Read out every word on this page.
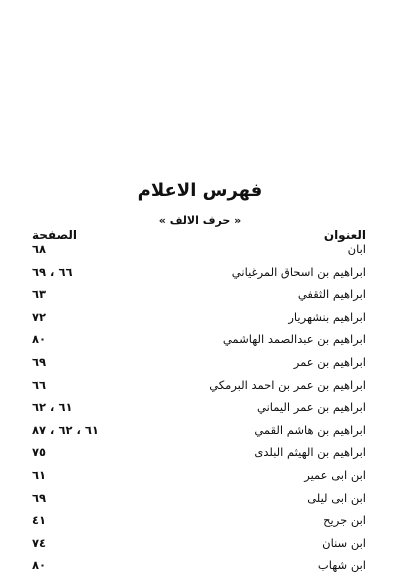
فهرس الاعلام
« حرف الالف »
العنوان
الصفحة
ابان
٦٨
ابراهيم بن اسحاق المرغياني
٦٦ ، ٦٩
ابراهيم الثقفي
٦٣
ابراهيم بنشهريار
٧٢
ابراهيم بن عبدالصمد الهاشمي
٨٠
ابراهيم بن عمر
٦٩
ابراهيم بن عمر بن احمد البرمكي
٦٦
ابراهيم بن عمر اليماني
٦١ ، ٦٢
ابراهيم بن هاشم القمي
٦١ ، ٦٢ ، ٨٧
ابراهيم بن الهيثم البلدى
٧٥
ابن ابى عمير
٦١
ابن ابى ليلى
٦٩
ابن جريح
٤١
ابن سنان
٧٤
ابن شهاب
٨٠
